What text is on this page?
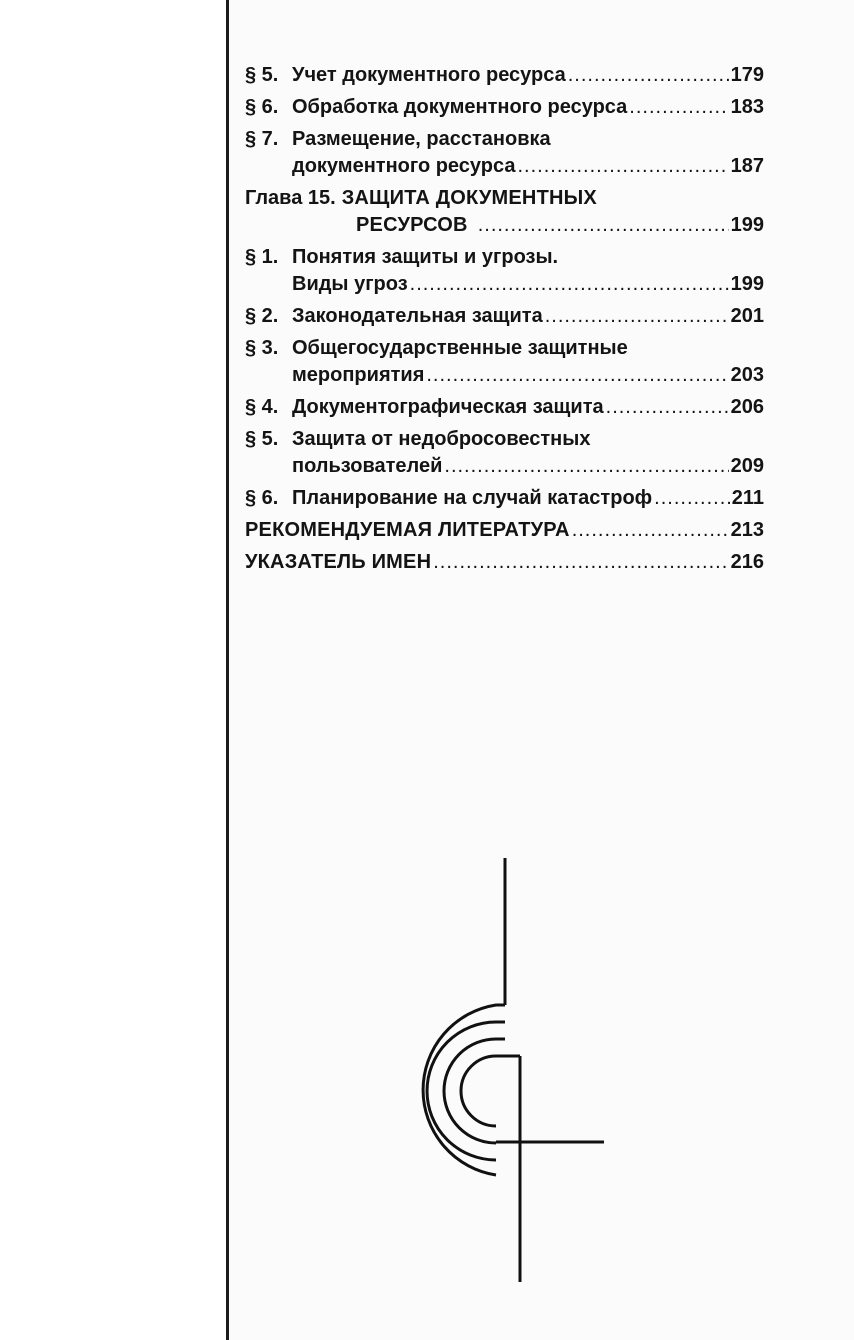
§ 5. Учет документного ресурса .....	179
§ 6. Обработка документного ресурса .....	183
§ 7. Размещение, расстановка
документного ресурса .....	187
Глава 15. ЗАЩИТА ДОКУМЕНТНЫХ
РЕСУРСОВ .....	199
§ 1. Понятия защиты и угрозы.
Виды угроз .....	199
§ 2. Законодательная защита .....	201
§ 3. Общегосударственные защитные
мероприятия .....	203
§ 4. Документографическая защита .....	206
§ 5. Защита от недобросовестных
пользователей .....	209
§ 6. Планирование на случай катастроф .....	211
РЕКОМЕНДУЕМАЯ ЛИТЕРАТУРА .....	213
УКАЗАТЕЛЬ ИМЕН .....	216
